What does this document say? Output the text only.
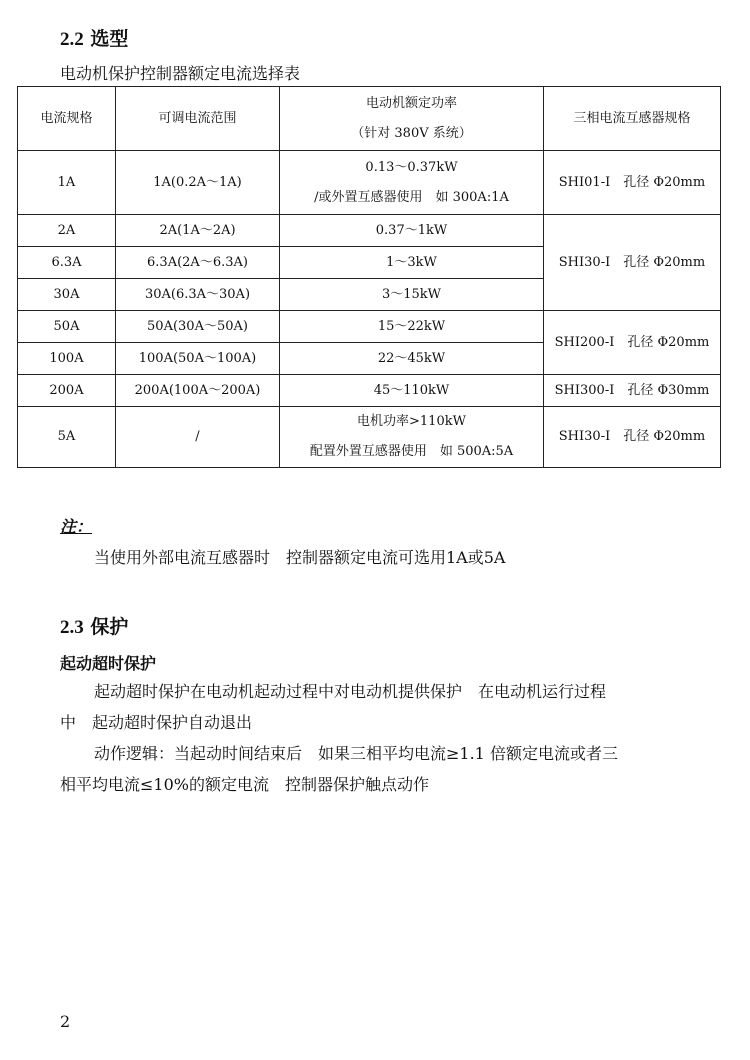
2.2 选型
电动机保护控制器额定电流选择表
电流规格	可调电流范围	电动机额定功率
（针对 380V 系统）	三相电流互感器规格
1A	1A(0.2A～1A)	0.13～0.37kW
/或外置互感器使用　如 300A:1A	SHI01-I　孔径 Φ20mm
2A	2A(1A～2A)	0.37～1kW	SHI30-I　孔径 Φ20mm
6.3A	6.3A(2A～6.3A)	1～3kW	
30A	30A(6.3A～30A)	3～15kW	
50A	50A(30A～50A)	15～22kW	SHI200-I　孔径 Φ20mm
100A	100A(50A～100A)	22～45kW	
200A	200A(100A～200A)	45～110kW	SHI300-I　孔径 Φ30mm
5A	/	电机功率>110kW
配置外置互感器使用　如 500A:5A	SHI30-I　孔径 Φ20mm
注：
当使用外部电流互感器时　控制器额定电流可选用1A或5A
2.3 保护
起动超时保护
起动超时保护在电动机起动过程中对电动机提供保护　在电动机运行过程
中　起动超时保护自动退出
动作逻辑：当起动时间结束后　如果三相平均电流≥1.1 倍额定电流或者三
相平均电流≤10%的额定电流　控制器保护触点动作
2
